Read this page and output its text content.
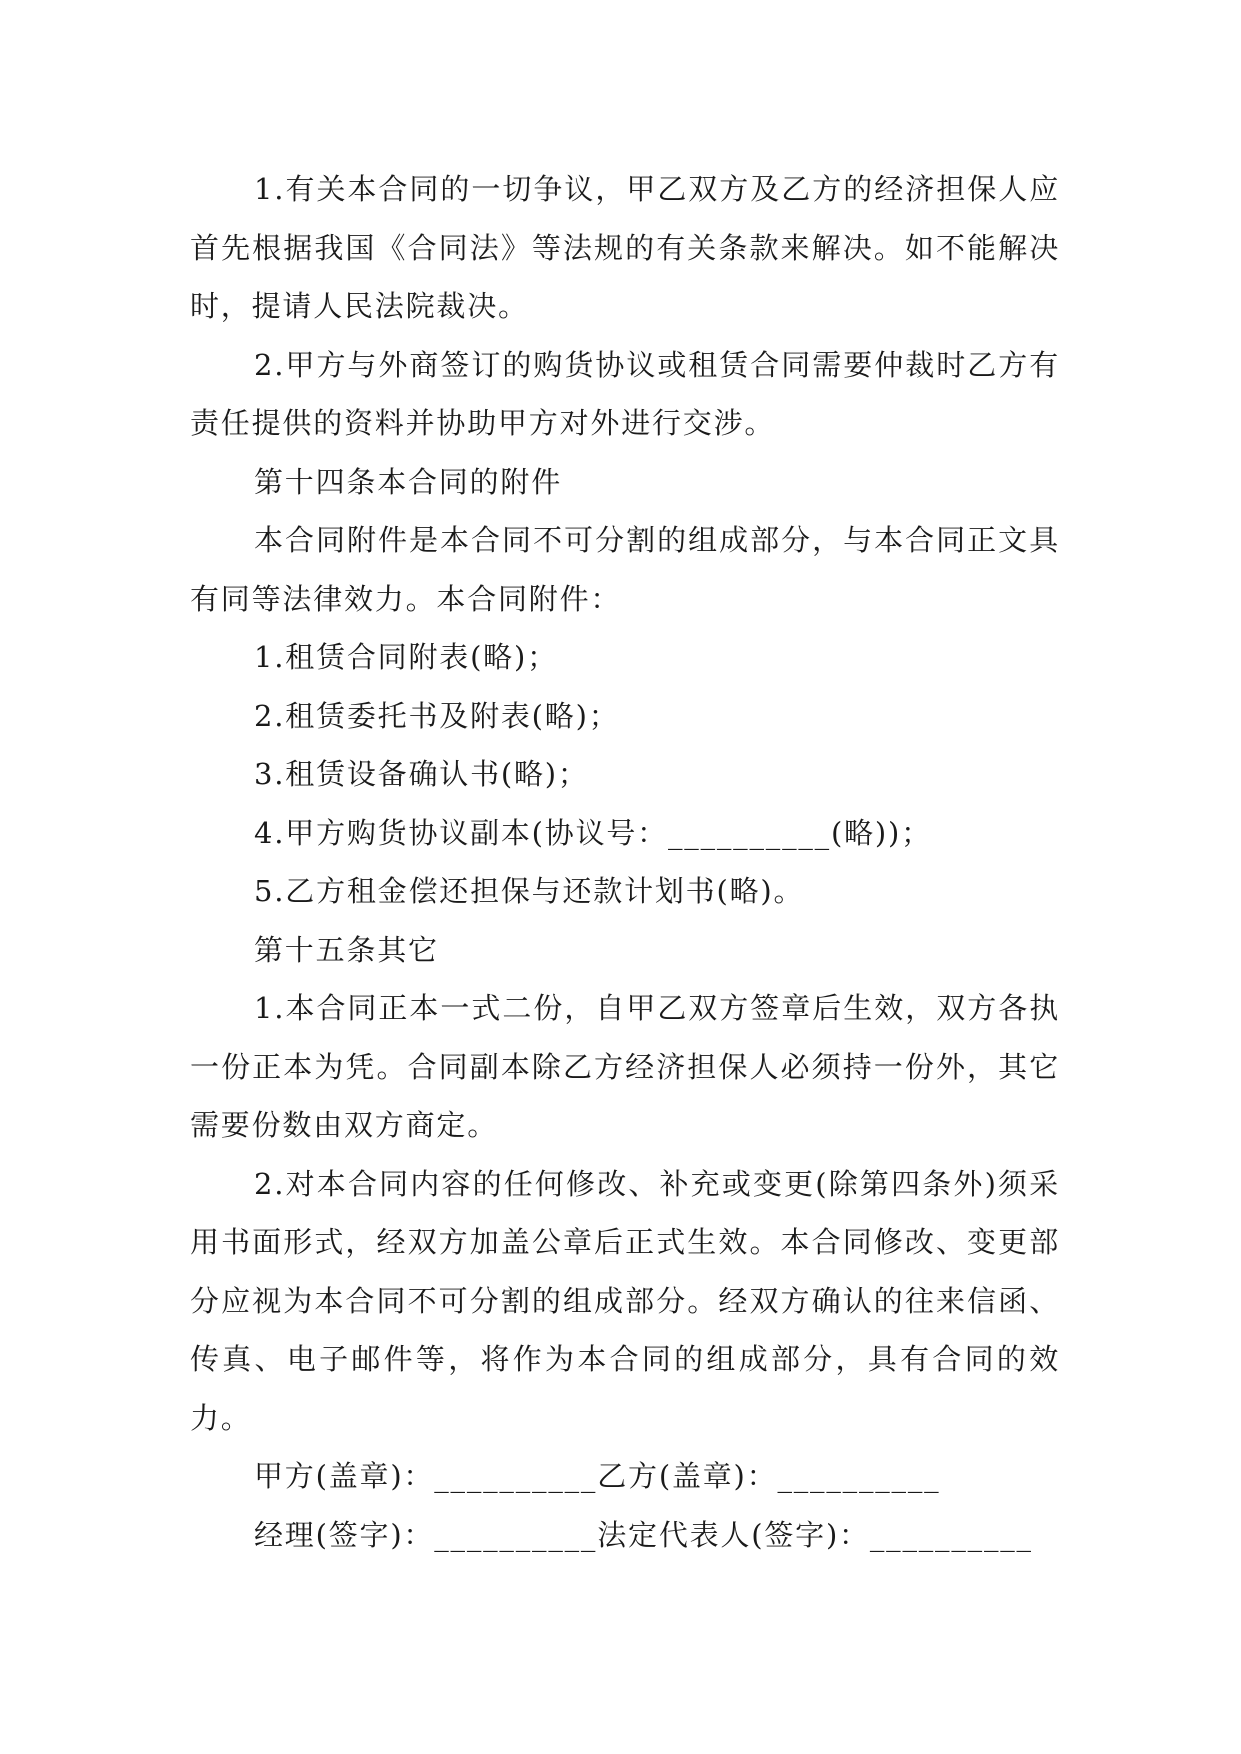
1.有关本合同的一切争议，甲乙双方及乙方的经济担保人应首先根据我国《合同法》等法规的有关条款来解决。如不能解决时，提请人民法院裁决。

2.甲方与外商签订的购货协议或租赁合同需要仲裁时乙方有责任提供的资料并协助甲方对外进行交涉。

第十四条本合同的附件

本合同附件是本合同不可分割的组成部分，与本合同正文具有同等法律效力。本合同附件：

1.租赁合同附表(略)；

2.租赁委托书及附表(略)；

3.租赁设备确认书(略)；

4.甲方购货协议副本(协议号：__________(略))；

5.乙方租金偿还担保与还款计划书(略)。

第十五条其它

1.本合同正本一式二份，自甲乙双方签章后生效，双方各执一份正本为凭。合同副本除乙方经济担保人必须持一份外，其它需要份数由双方商定。

2.对本合同内容的任何修改、补充或变更(除第四条外)须采用书面形式，经双方加盖公章后正式生效。本合同修改、变更部分应视为本合同不可分割的组成部分。经双方确认的往来信函、传真、电子邮件等，将作为本合同的组成部分，具有合同的效力。

甲方(盖章)：__________乙方(盖章)：__________

经理(签字)：__________法定代表人(签字)：__________
